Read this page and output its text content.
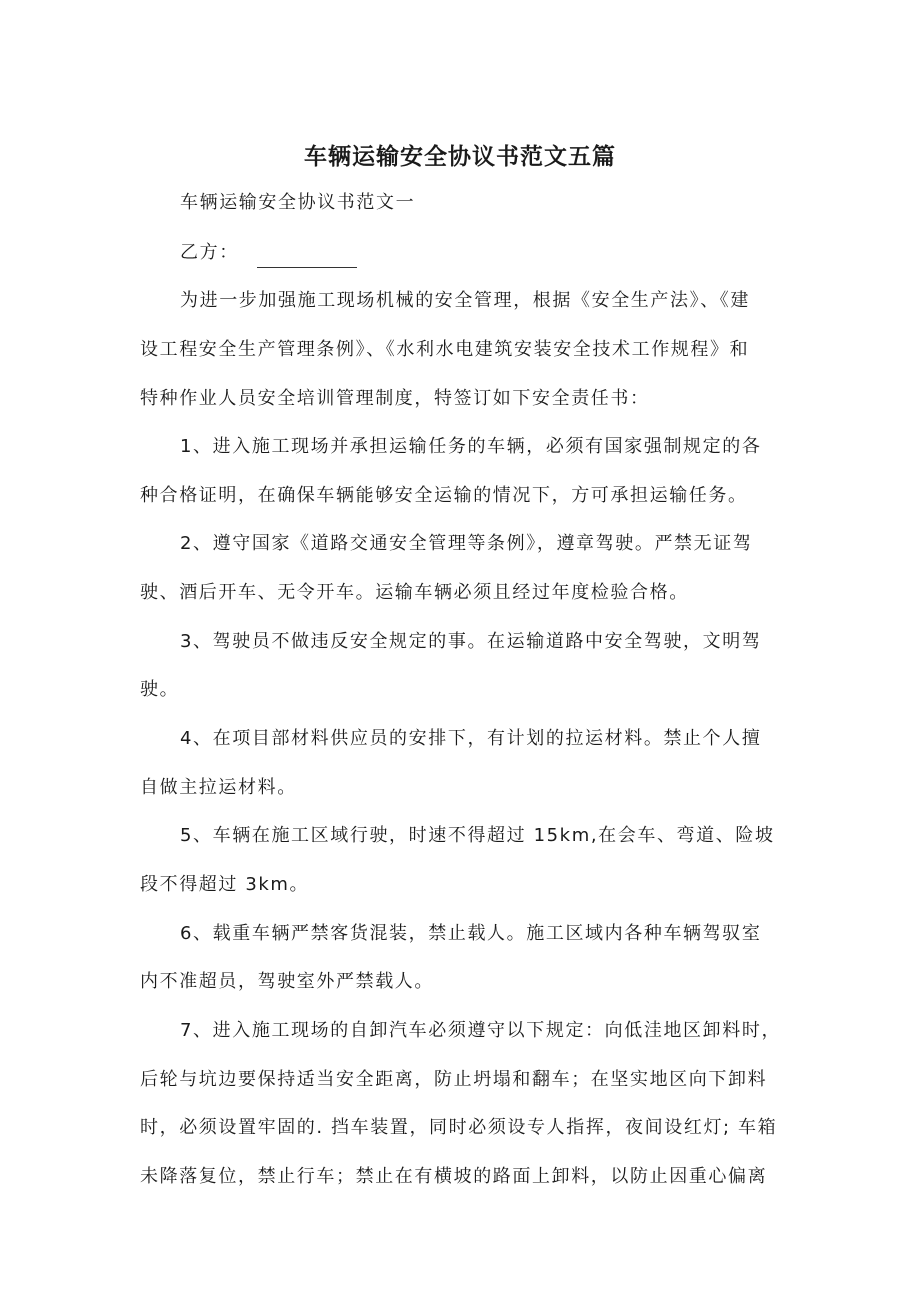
车辆运输安全协议书范文五篇
车辆运输安全协议书范文一
乙方：
为进一步加强施工现场机械的安全管理，根据《安全生产法》、《建
设工程安全生产管理条例》、《水利水电建筑安装安全技术工作规程》和
特种作业人员安全培训管理制度，特签订如下安全责任书：
1、进入施工现场并承担运输任务的车辆，必须有国家强制规定的各
种合格证明，在确保车辆能够安全运输的情况下，方可承担运输任务。
2、遵守国家《道路交通安全管理等条例》，遵章驾驶。严禁无证驾
驶、酒后开车、无令开车。运输车辆必须且经过年度检验合格。
3、驾驶员不做违反安全规定的事。在运输道路中安全驾驶，文明驾
驶。
4、在项目部材料供应员的安排下，有计划的拉运材料。禁止个人擅
自做主拉运材料。
5、车辆在施工区域行驶，时速不得超过 15km,在会车、弯道、险坡
段不得超过 3km。
6、载重车辆严禁客货混装，禁止载人。施工区域内各种车辆驾驭室
内不准超员，驾驶室外严禁载人。
7、进入施工现场的自卸汽车必须遵守以下规定：向低洼地区卸料时，
后轮与坑边要保持适当安全距离，防止坍塌和翻车；在坚实地区向下卸料
时，必须设置牢固的. 挡车装置，同时必须设专人指挥，夜间设红灯; 车箱
未降落复位，禁止行车；禁止在有横坡的路面上卸料，以防止因重心偏离
